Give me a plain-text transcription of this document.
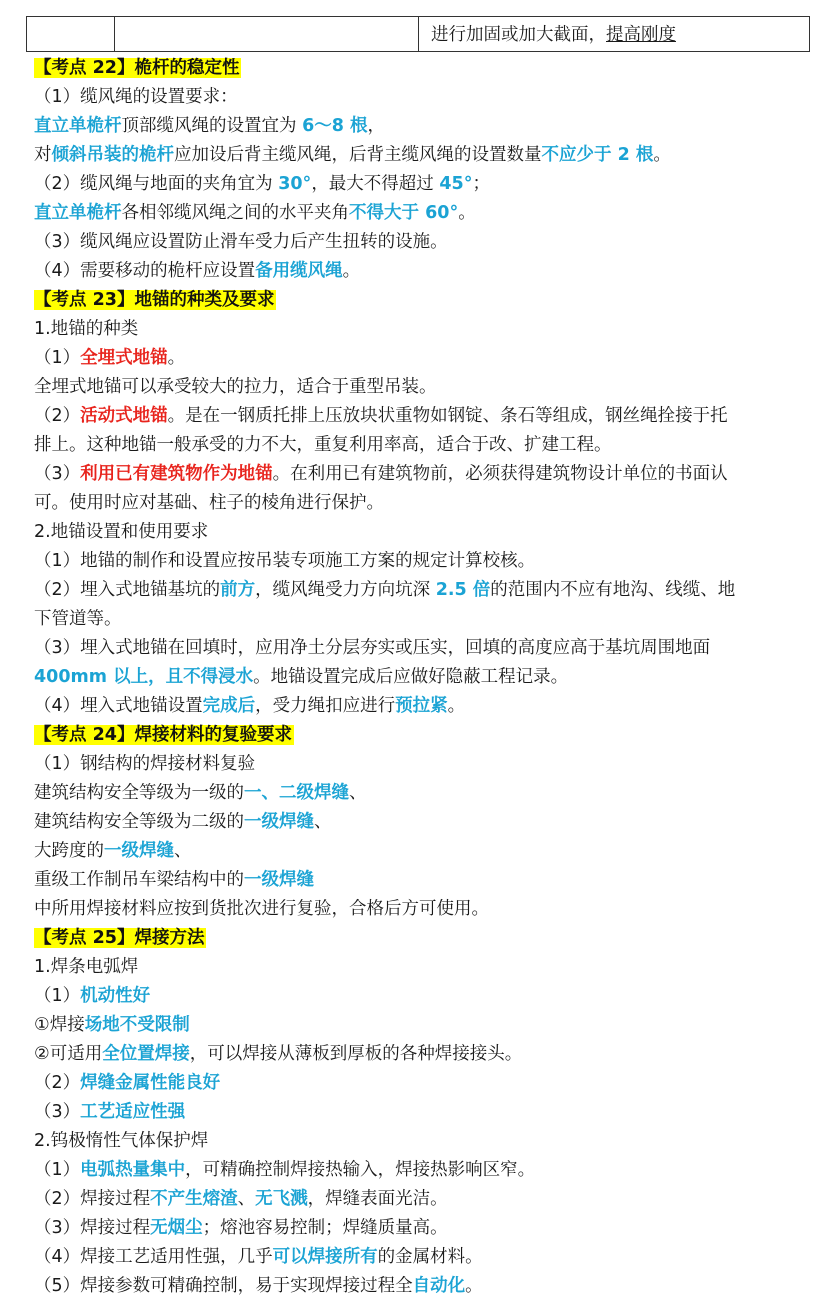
进行加固或加大截面，提高刚度
【考点 22】桅杆的稳定性
（1）缆风绳的设置要求：
直立单桅杆顶部缆风绳的设置宜为 6～8 根，
对倾斜吊装的桅杆应加设后背主缆风绳，后背主缆风绳的设置数量不应少于 2 根。
（2）缆风绳与地面的夹角宜为 30°，最大不得超过 45°；
直立单桅杆各相邻缆风绳之间的水平夹角不得大于 60°。
（3）缆风绳应设置防止滑车受力后产生扭转的设施。
（4）需要移动的桅杆应设置备用缆风绳。
【考点 23】地锚的种类及要求
1.地锚的种类
（1）全埋式地锚。
全埋式地锚可以承受较大的拉力，适合于重型吊装。
（2）活动式地锚。是在一钢质托排上压放块状重物如钢锭、条石等组成，钢丝绳拴接于托
排上。这种地锚一般承受的力不大，重复利用率高，适合于改、扩建工程。
（3）利用已有建筑物作为地锚。在利用已有建筑物前，必须获得建筑物设计单位的书面认
可。使用时应对基础、柱子的棱角进行保护。
2.地锚设置和使用要求
（1）地锚的制作和设置应按吊装专项施工方案的规定计算校核。
（2）埋入式地锚基坑的前方，缆风绳受力方向坑深 2.5 倍的范围内不应有地沟、线缆、地
下管道等。
（3）埋入式地锚在回填时，应用净土分层夯实或压实，回填的高度应高于基坑周围地面
400mm 以上，且不得浸水。地锚设置完成后应做好隐蔽工程记录。
（4）埋入式地锚设置完成后，受力绳扣应进行预拉紧。
【考点 24】焊接材料的复验要求
（1）钢结构的焊接材料复验
建筑结构安全等级为一级的一、二级焊缝、
建筑结构安全等级为二级的一级焊缝、
大跨度的一级焊缝、
重级工作制吊车梁结构中的一级焊缝
中所用焊接材料应按到货批次进行复验，合格后方可使用。
【考点 25】焊接方法
1.焊条电弧焊
（1）机动性好
①焊接场地不受限制
②可适用全位置焊接，可以焊接从薄板到厚板的各种焊接接头。
（2）焊缝金属性能良好
（3）工艺适应性强
2.钨极惰性气体保护焊
（1）电弧热量集中，可精确控制焊接热输入，焊接热影响区窄。
（2）焊接过程不产生熔渣、无飞溅，焊缝表面光洁。
（3）焊接过程无烟尘；熔池容易控制；焊缝质量高。
（4）焊接工艺适用性强，几乎可以焊接所有的金属材料。
（5）焊接参数可精确控制，易于实现焊接过程全自动化。
